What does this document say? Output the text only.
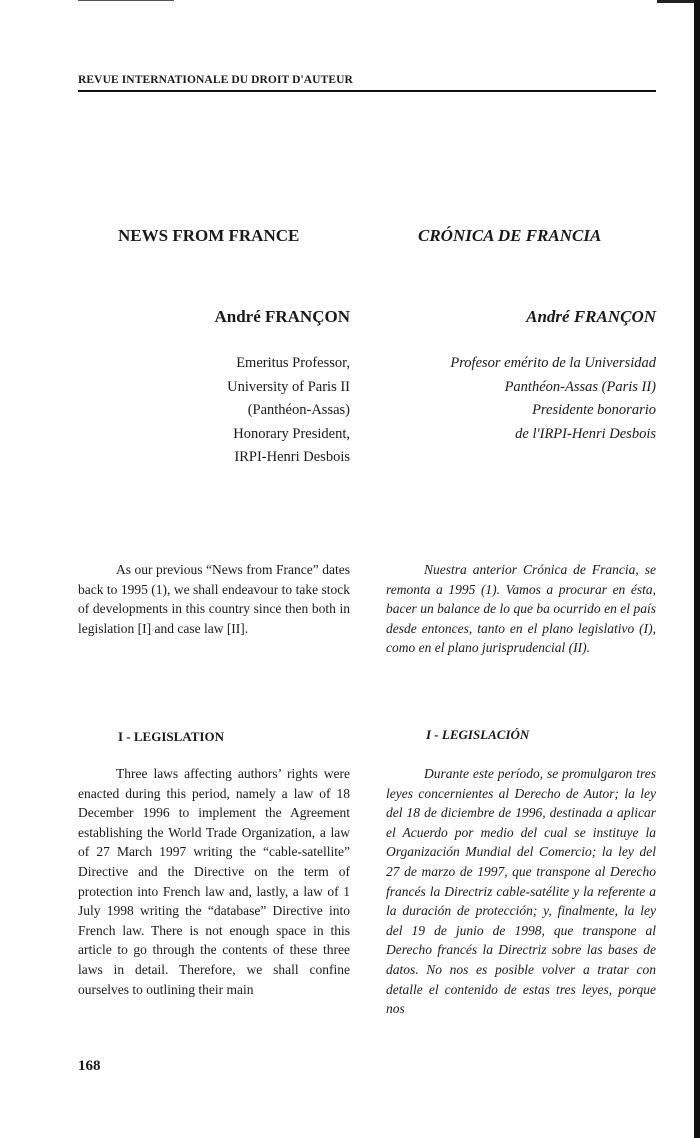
REVUE INTERNATIONALE DU DROIT D'AUTEUR
NEWS FROM FRANCE	CRÓNICA DE FRANCIA
André FRANÇON	André FRANÇON
Emeritus Professor,
University of Paris II
(Panthéon-Assas)
Honorary President,
IRPI-Henri Desbois
Profesor emérito de la Universidad
Panthéon-Assas (Paris II)
Presidente bonorario
de l'IRPI-Henri Desbois
As our previous “News from France” dates back to 1995 (1), we shall endeavour to take stock of developments in this country since then both in legislation [I] and case law [II].
Nuestra anterior Crónica de Francia, se remonta a 1995 (1). Vamos a procurar en ésta, bacer un balance de lo que ba ocurrido en el país desde entonces, tanto en el plano legislativo (I), como en el plano jurisprudencial (II).
I - LEGISLATION	I - LEGISLACIÓN
Three laws affecting authors’ rights were enacted during this period, namely a law of 18 December 1996 to implement the Agreement establishing the World Trade Organization, a law of 27 March 1997 writing the “cable-satellite” Directive and the Directive on the term of protection into French law and, lastly, a law of 1 July 1998 writing the “database” Directive into French law. There is not enough space in this article to go through the contents of these three laws in detail. Therefore, we shall confine ourselves to outlining their main
Durante este período, se promulgaron tres leyes concernientes al Derecho de Autor; la ley del 18 de diciembre de 1996, destinada a aplicar el Acuerdo por medio del cual se instituye la Organización Mundial del Comercio; la ley del 27 de marzo de 1997, que transpone al Derecho francés la Directriz cable-satélite y la referente a la duración de protección; y, finalmente, la ley del 19 de junio de 1998, que transpone al Derecho francés la Directriz sobre las bases de datos. No nos es posible volver a tratar con detalle el contenido de estas tres leyes, porque nos
168
